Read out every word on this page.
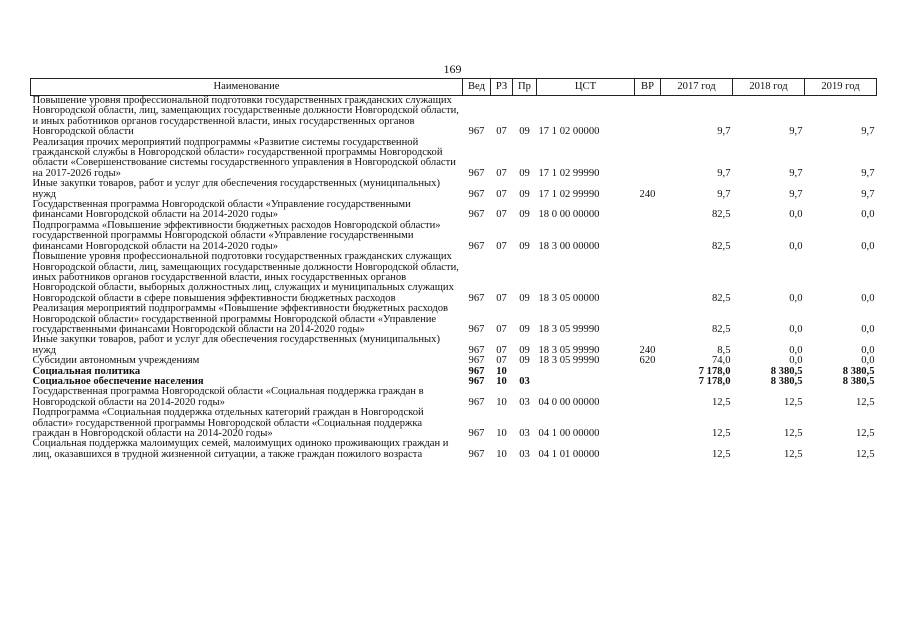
169
Наименование	Вед	РЗ	Пр	ЦСТ	ВР	2017 год	2018 год	2019 год
Повышение уровня профессиональной подготовки государственных гражданских служащих Новгородской области, лиц, замещающих государственные должности Новгородской области, и иных работников органов государственной власти, иных государственных органов Новгородской области	967	07	09	17 1 02 00000		9,7	9,7	9,7
Реализация прочих мероприятий подпрограммы «Развитие системы государственной гражданской службы в Новгородской области» государственной программы Новгородской области «Совершенствование системы государственного управления в Новгородской области на 2017-2026 годы»	967	07	09	17 1 02 99990		9,7	9,7	9,7
Иные закупки товаров, работ и услуг для обеспечения государственных (муниципальных) нужд	967	07	09	17 1 02 99990	240	9,7	9,7	9,7
Государственная программа Новгородской области «Управление государственными финансами Новгородской области на 2014-2020 годы»	967	07	09	18 0 00 00000		82,5	0,0	0,0
Подпрограмма «Повышение эффективности бюджетных расходов Новгородской области» государственной программы Новгородской области «Управление государственными финансами Новгородской области на 2014-2020 годы»	967	07	09	18 3 00 00000		82,5	0,0	0,0
Повышение уровня профессиональной подготовки государственных гражданских служащих Новгородской области, лиц, замещающих государственные должности Новгородской области, иных работников органов государственной власти, иных государственных органов Новгородской области, выборных должностных лиц, служащих и муниципальных служащих Новгородской области в сфере повышения эффективности бюджетных расходов	967	07	09	18 3 05 00000		82,5	0,0	0,0
Реализация мероприятий подпрограммы «Повышение эффективности бюджетных расходов Новгородской области» государственной программы Новгородской области «Управление государственными финансами Новгородской области на 2014-2020 годы»	967	07	09	18 3 05 99990		82,5	0,0	0,0
Иные закупки товаров, работ и услуг для обеспечения государственных (муниципальных) нужд	967	07	09	18 3 05 99990	240	8,5	0,0	0,0
Субсидии автономным учреждениям	967	07	09	18 3 05 99990	620	74,0	0,0	0,0
Социальная политика	967	10				7 178,0	8 380,5	8 380,5
Социальное обеспечение населения	967	10	03			7 178,0	8 380,5	8 380,5
Государственная программа Новгородской области «Социальная поддержка граждан в Новгородской области на 2014-2020 годы»	967	10	03	04 0 00 00000		12,5	12,5	12,5
Подпрограмма «Социальная поддержка отдельных категорий граждан в Новгородской области» государственной программы Новгородской области «Социальная поддержка граждан в Новгородской области на 2014-2020 годы»	967	10	03	04 1 00 00000		12,5	12,5	12,5
Социальная поддержка малоимущих семей, малоимущих одиноко проживающих граждан и лиц, оказавшихся в трудной жизненной ситуации, а также граждан пожилого возраста	967	10	03	04 1 01 00000		12,5	12,5	12,5
